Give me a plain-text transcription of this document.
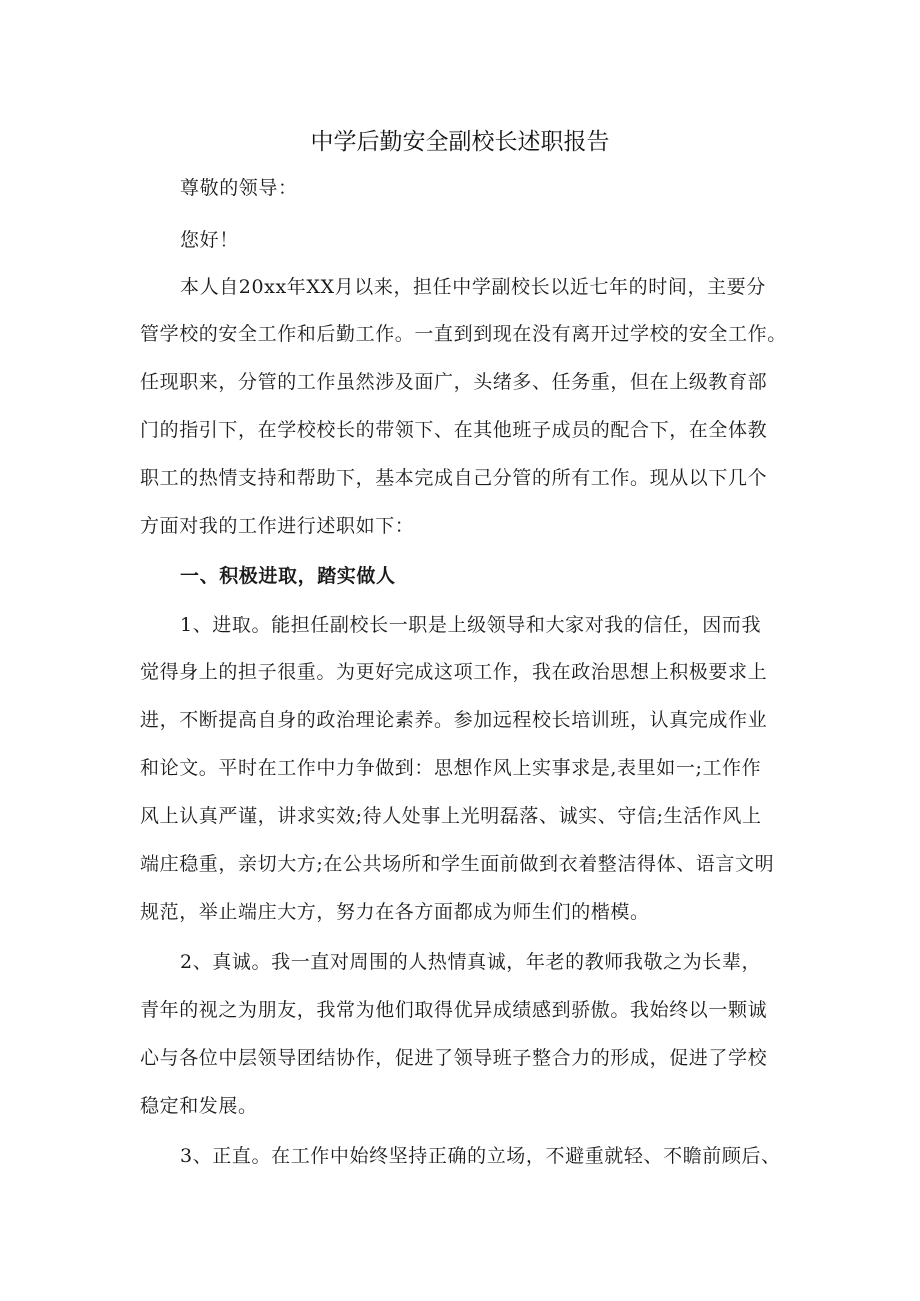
中学后勤安全副校长述职报告
尊敬的领导：
您好！
本人自20xx年XX月以来，担任中学副校长以近七年的时间，主要分
管学校的安全工作和后勤工作。一直到到现在没有离开过学校的安全工作。
任现职来，分管的工作虽然涉及面广，头绪多、任务重，但在上级教育部
门的指引下，在学校校长的带领下、在其他班子成员的配合下，在全体教
职工的热情支持和帮助下，基本完成自己分管的所有工作。现从以下几个
方面对我的工作进行述职如下：
一、积极进取，踏实做人
1、进取。能担任副校长一职是上级领导和大家对我的信任，因而我
觉得身上的担子很重。为更好完成这项工作，我在政治思想上积极要求上
进，不断提高自身的政治理论素养。参加远程校长培训班，认真完成作业
和论文。平时在工作中力争做到：思想作风上实事求是,表里如一;工作作
风上认真严谨，讲求实效;待人处事上光明磊落、诚实、守信;生活作风上
端庄稳重，亲切大方;在公共场所和学生面前做到衣着整洁得体、语言文明
规范，举止端庄大方，努力在各方面都成为师生们的楷模。
2、真诚。我一直对周围的人热情真诚，年老的教师我敬之为长辈，
青年的视之为朋友，我常为他们取得优异成绩感到骄傲。我始终以一颗诚
心与各位中层领导团结协作，促进了领导班子整合力的形成，促进了学校
稳定和发展。
3、正直。在工作中始终坚持正确的立场，不避重就轻、不瞻前顾后、
